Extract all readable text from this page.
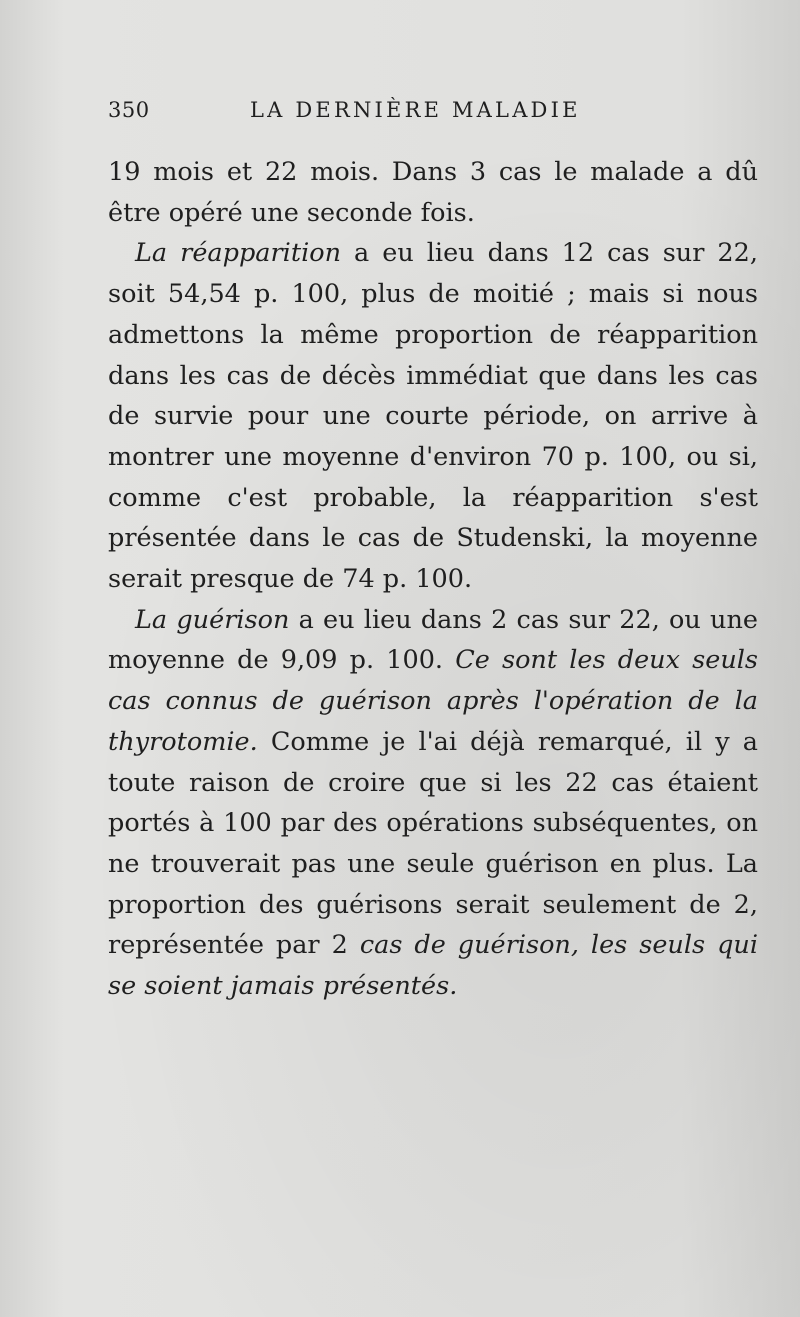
350	LA DERNIÈRE MALADIE

19 mois et 22 mois. Dans 3 cas le malade a dû être opéré une seconde fois.

La réapparition a eu lieu dans 12 cas sur 22, soit 54,54 p. 100, plus de moitié ; mais si nous admettons la même proportion de réapparition dans les cas de décès immédiat que dans les cas de survie pour une courte période, on arrive à montrer une moyenne d'environ 70 p. 100, ou si, comme c'est probable, la réapparition s'est présentée dans le cas de Studenski, la moyenne serait presque de 74 p. 100.

La guérison a eu lieu dans 2 cas sur 22, ou une moyenne de 9,09 p. 100. Ce sont les deux seuls cas connus de guérison après l'opération de la thyrotomie. Comme je l'ai déjà remarqué, il y a toute raison de croire que si les 22 cas étaient portés à 100 par des opérations subséquentes, on ne trouverait pas une seule guérison en plus. La proportion des guérisons serait seulement de 2, représentée par 2 cas de guérison, les seuls qui se soient jamais présentés.
